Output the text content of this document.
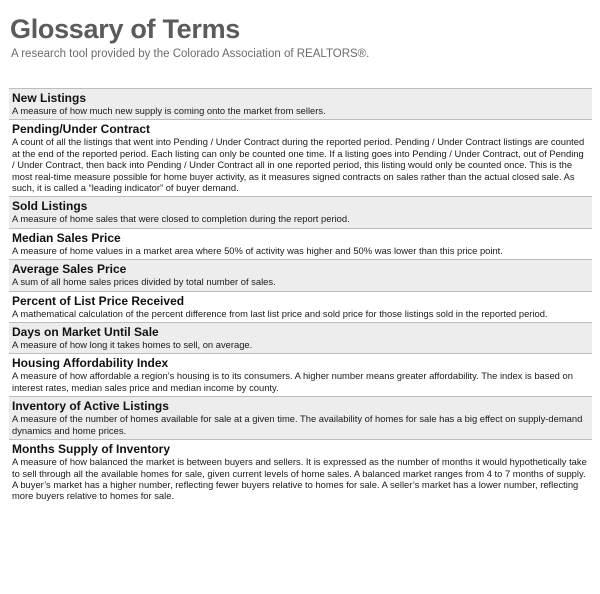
Glossary of Terms
A research tool provided by the Colorado Association of REALTORS®.
New Listings
A measure of how much new supply is coming onto the market from sellers.
Pending/Under Contract
A count of all the listings that went into Pending / Under Contract during the reported period. Pending / Under Contract listings are counted at the end of the reported period. Each listing can only be counted one time. If a listing goes into Pending / Under Contract, out of Pending / Under Contract, then back into Pending / Under Contract all in one reported period, this listing would only be counted once. This is the most real-time measure possible for home buyer activity, as it measures signed contracts on sales rather than the actual closed sale. As such, it is called a “leading indicator” of buyer demand.
Sold Listings
A measure of home sales that were closed to completion during the report period.
Median Sales Price
A measure of home values in a market area where 50% of activity was higher and 50% was lower than this price point.
Average Sales Price
A sum of all home sales prices divided by total number of sales.
Percent of List Price Received
A mathematical calculation of the percent difference from last list price and sold price for those listings sold in the reported period.
Days on Market Until Sale
A measure of how long it takes homes to sell, on average.
Housing Affordability Index
A measure of how affordable a region’s housing is to its consumers. A higher number means greater affordability. The index is based on interest rates, median sales price and median income by county.
Inventory of Active Listings
A measure of the number of homes available for sale at a given time. The availability of homes for sale has a big effect on supply-demand dynamics and home prices.
Months Supply of Inventory
A measure of how balanced the market is between buyers and sellers. It is expressed as the number of months it would hypothetically take to sell through all the available homes for sale, given current levels of home sales. A balanced market ranges from 4 to 7 months of supply. A buyer’s market has a higher number, reflecting fewer buyers relative to homes for sale. A seller’s market has a lower number, reflecting more buyers relative to homes for sale.
